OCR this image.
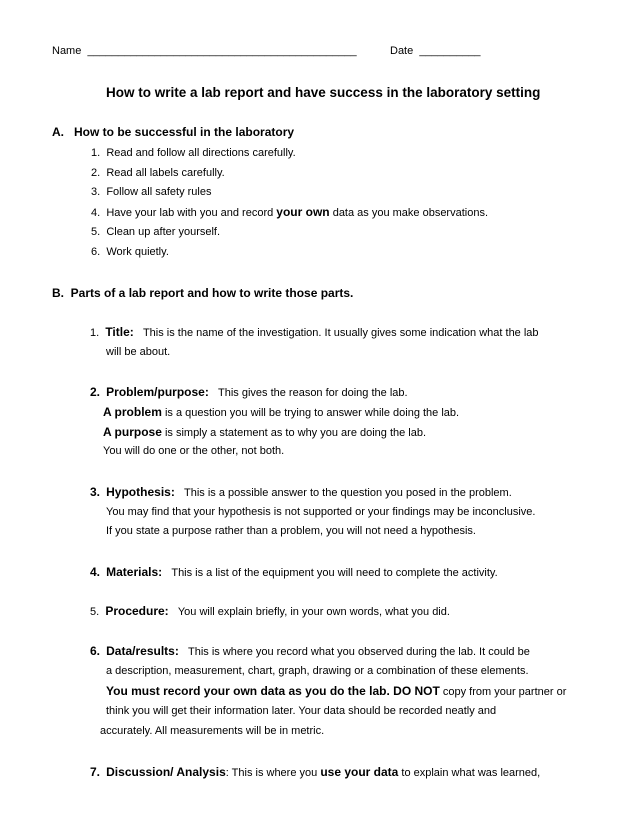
Name ____________________________________________	Date __________
How to write a lab report and have success in the laboratory setting
A. How to be successful in the laboratory
1. Read and follow all directions carefully.
2. Read all labels carefully.
3. Follow all safety rules
4. Have your lab with you and record your own data as you make observations.
5. Clean up after yourself.
6. Work quietly.
B. Parts of a lab report and how to write those parts.
1. Title: This is the name of the investigation. It usually gives some indication what the lab
will be about.
2. Problem/purpose: This gives the reason for doing the lab.
A problem is a question you will be trying to answer while doing the lab.
A purpose is simply a statement as to why you are doing the lab.
You will do one or the other, not both.
3. Hypothesis: This is a possible answer to the question you posed in the problem.
You may find that your hypothesis is not supported or your findings may be inconclusive.
If you state a purpose rather than a problem, you will not need a hypothesis.
4. Materials: This is a list of the equipment you will need to complete the activity.
5. Procedure: You will explain briefly, in your own words, what you did.
6. Data/results: This is where you record what you observed during the lab. It could be
a description, measurement, chart, graph, drawing or a combination of these elements.
You must record your own data as you do the lab. DO NOT copy from your partner or
think you will get their information later. Your data should be recorded neatly and
accurately. All measurements will be in metric.
7. Discussion/ Analysis: This is where you use your data to explain what was learned,
